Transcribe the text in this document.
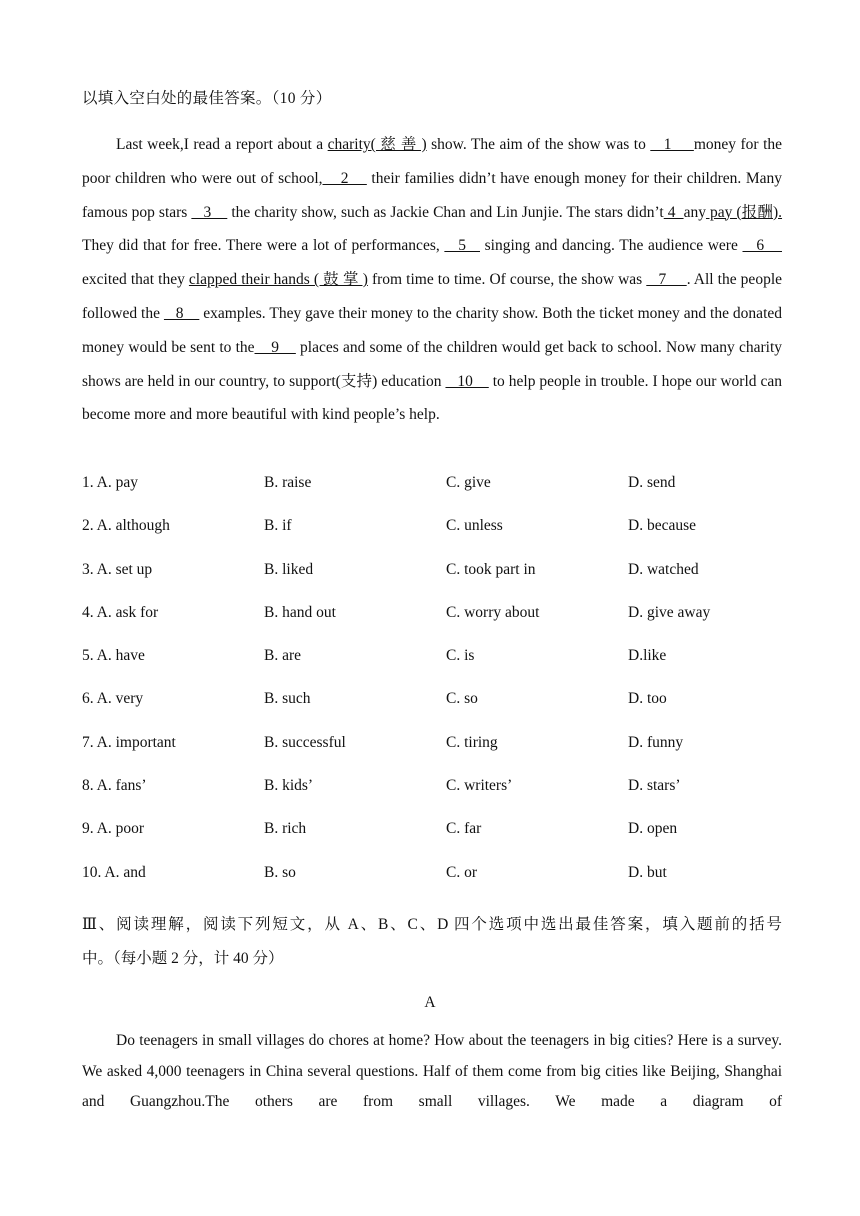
以填入空白处的最佳答案。（10 分）

Last week,I read a report about a charity( 慈 善 ) show. The aim of the show was to    1     money for the poor children who were out of school,    2     their families didn’t have enough money for their children. Many famous pop stars    3     the charity show, such as Jackie Chan and Lin Junjie. The stars didn’t 4  any pay (报酬). They did that for free. There were a lot of performances,    5    singing and dancing. The audience were    6     excited that they clapped their hands ( 鼓 掌 ) from time to time. Of course, the show was    7     . All the people followed the    8     examples. They gave their money to the charity show. Both the ticket money and the donated money would be sent to the    9     places and some of the children would get back to school. Now many charity shows are held in our country, to support(支持) education    10     to help people in trouble. I hope our world can become more and more beautiful with kind people’s help.

1. A. pay	B. raise	C. give	D. send
2. A. although	B. if	C. unless	D. because
3. A. set up	B. liked	C. took part in	D. watched
4. A. ask for	B. hand out	C. worry about	D. give away
5. A. have	B. are	C. is	D.like
6. A. very	B. such	C. so	D. too
7. A. important	B. successful	C. tiring	D. funny
8. A. fans’	B. kids’	C. writers’	D. stars’
9. A. poor	B. rich	C. far	D. open
10. A. and	B. so	C. or	D. but

Ⅲ、阅读理解，阅读下列短文，从 A、B、C、D 四个选项中选出最佳答案，填入题前的括号

中。（每小题 2 分，计 40 分）

A

Do teenagers in small villages do chores at home? How about the teenagers in big cities? Here is a survey. We asked 4,000 teenagers in China several questions. Half of them come from big cities like Beijing, Shanghai and Guangzhou.The others are from small villages. We made a diagram of
